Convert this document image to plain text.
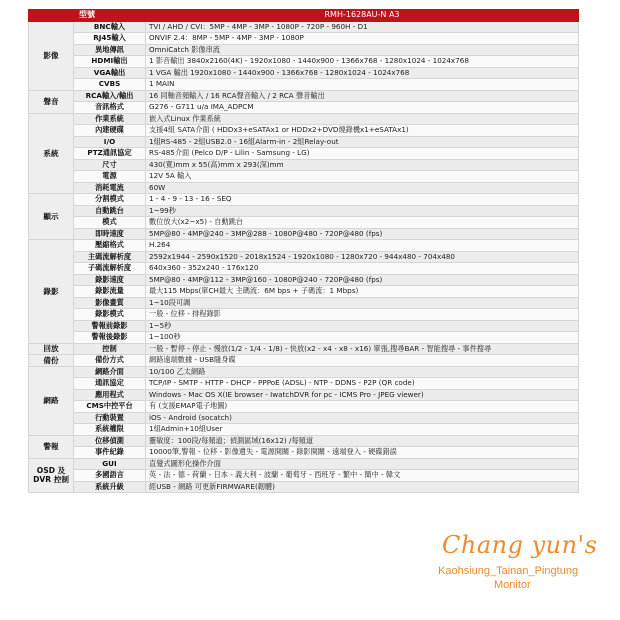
型號		RMH-1628AU-N A3
影像	BNC輸入	TVI / AHD / CVI：5MP - 4MP - 3MP - 1080P - 720P - 960H - D1
	RJ45輸入	ONVIF 2.4：8MP - 5MP - 4MP - 3MP - 1080P
	異地傳訊	OmniCatch 影像串流
	HDMI輸出	1 影音輸出 3840x2160(4K) - 1920x1080 - 1440x900 - 1366x768 - 1280x1024 - 1024x768
	VGA輸出	1 VGA 輸出 1920x1080 - 1440x900 - 1366x768 - 1280x1024 - 1024x768
	CVBS	1 MAIN
聲音	RCA輸入/輸出	16 同軸音頻輸入 / 16 RCA聲音輸入 / 2 RCA 聲音輸出
	音訊格式	G276 - G711 u/a IMA_ADPCM
系統	作業系統	嵌入式Linux 作業系統
	內建硬碟	支援4組 SATA介面 ( HDDx3+eSATAx1 or HDDx2+DVD燒錄機x1+eSATAx1)
	I/O	1組RS-485 - 2組USB2.0 - 16組Alarm-in - 2組Relay-out
	PTZ通訊協定	RS-485介面 (Pelco D/P - Lilin - Samsung - LG)
	尺寸	430(寬)mm x 55(高)mm x 293(深)mm
	電源	12V 5A 輸入
	消耗電流	60W
顯示	分割模式	1 - 4 - 9 - 13 - 16 - SEQ
	自動跳台	1~99秒
	模式	數位放大(x2~x5) - 自動跳台
	即時速度	5MP@80 - 4MP@240 - 3MP@288 - 1080P@480 - 720P@480 (fps)
錄影	壓縮格式	H.264
	主碼流解析度	2592x1944 - 2590x1520 - 2018x1524 - 1920x1080 - 1280x720 - 944x480 - 704x480
	子碼流解析度	640x360 - 352x240 - 176x120
	錄影速度	5MP@80 - 4MP@112 - 3MP@160 - 1080P@240 - 720P@480 (fps)
	錄影流量	最大115 Mbps(單CH最大 主碼流：6M bps + 子碼流：1 Mbps)
	影像畫質	1~10段可調
	錄影模式	一般 - 位移 - 排程錄影
	警報前錄影	1~5秒
	警報後錄影	1~100秒
回放	控制	一般 - 暫停 - 停止 - 慢放(1/2 - 1/4 - 1/8) - 快放(x2 - x4 - x8 - x16) 單張,搜尋BAR - 智能搜尋 - 事件搜尋
備份	備份方式	網路遠端數據 - USB隨身碟
網路	網路介面	10/100 乙太網路
	通訊協定	TCP/IP - SMTP - HTTP - DHCP - PPPoE (ADSL) - NTP - DDNS - P2P (QR code)
	應用程式	Windows - Mac OS X(IE browser - IwatchDVR for pc - ICMS Pro - JPEG viewer)
	CMS中控平台	有 (支援EMAP電子地圖)
	行動裝置	iOS - Android (socatch)
	系統權限	1組Admin+10組User
警報	位移偵測	靈敏度：100段/每頻道；偵測區域(16x12) /每頻道
	事件紀錄	10000筆,警報 - 位移 - 影像遺失 - 電源開關 - 錄影開關 - 遠端登入 - 硬碟錯誤
OSD 及 DVR 控制	GUI	直覺式圖形化操作介面
	多國語言	英 - 法 - 德 - 荷蘭 - 日本 - 義大利 - 波蘭 - 葡萄牙 - 西班牙 - 繁中 - 簡中 - 韓文
	系統升級	經USB - 網路 可更新FIRMWARE(韌體)
Chang yun's
Kaohsiung_Tainan_Pingtung
Monitor
